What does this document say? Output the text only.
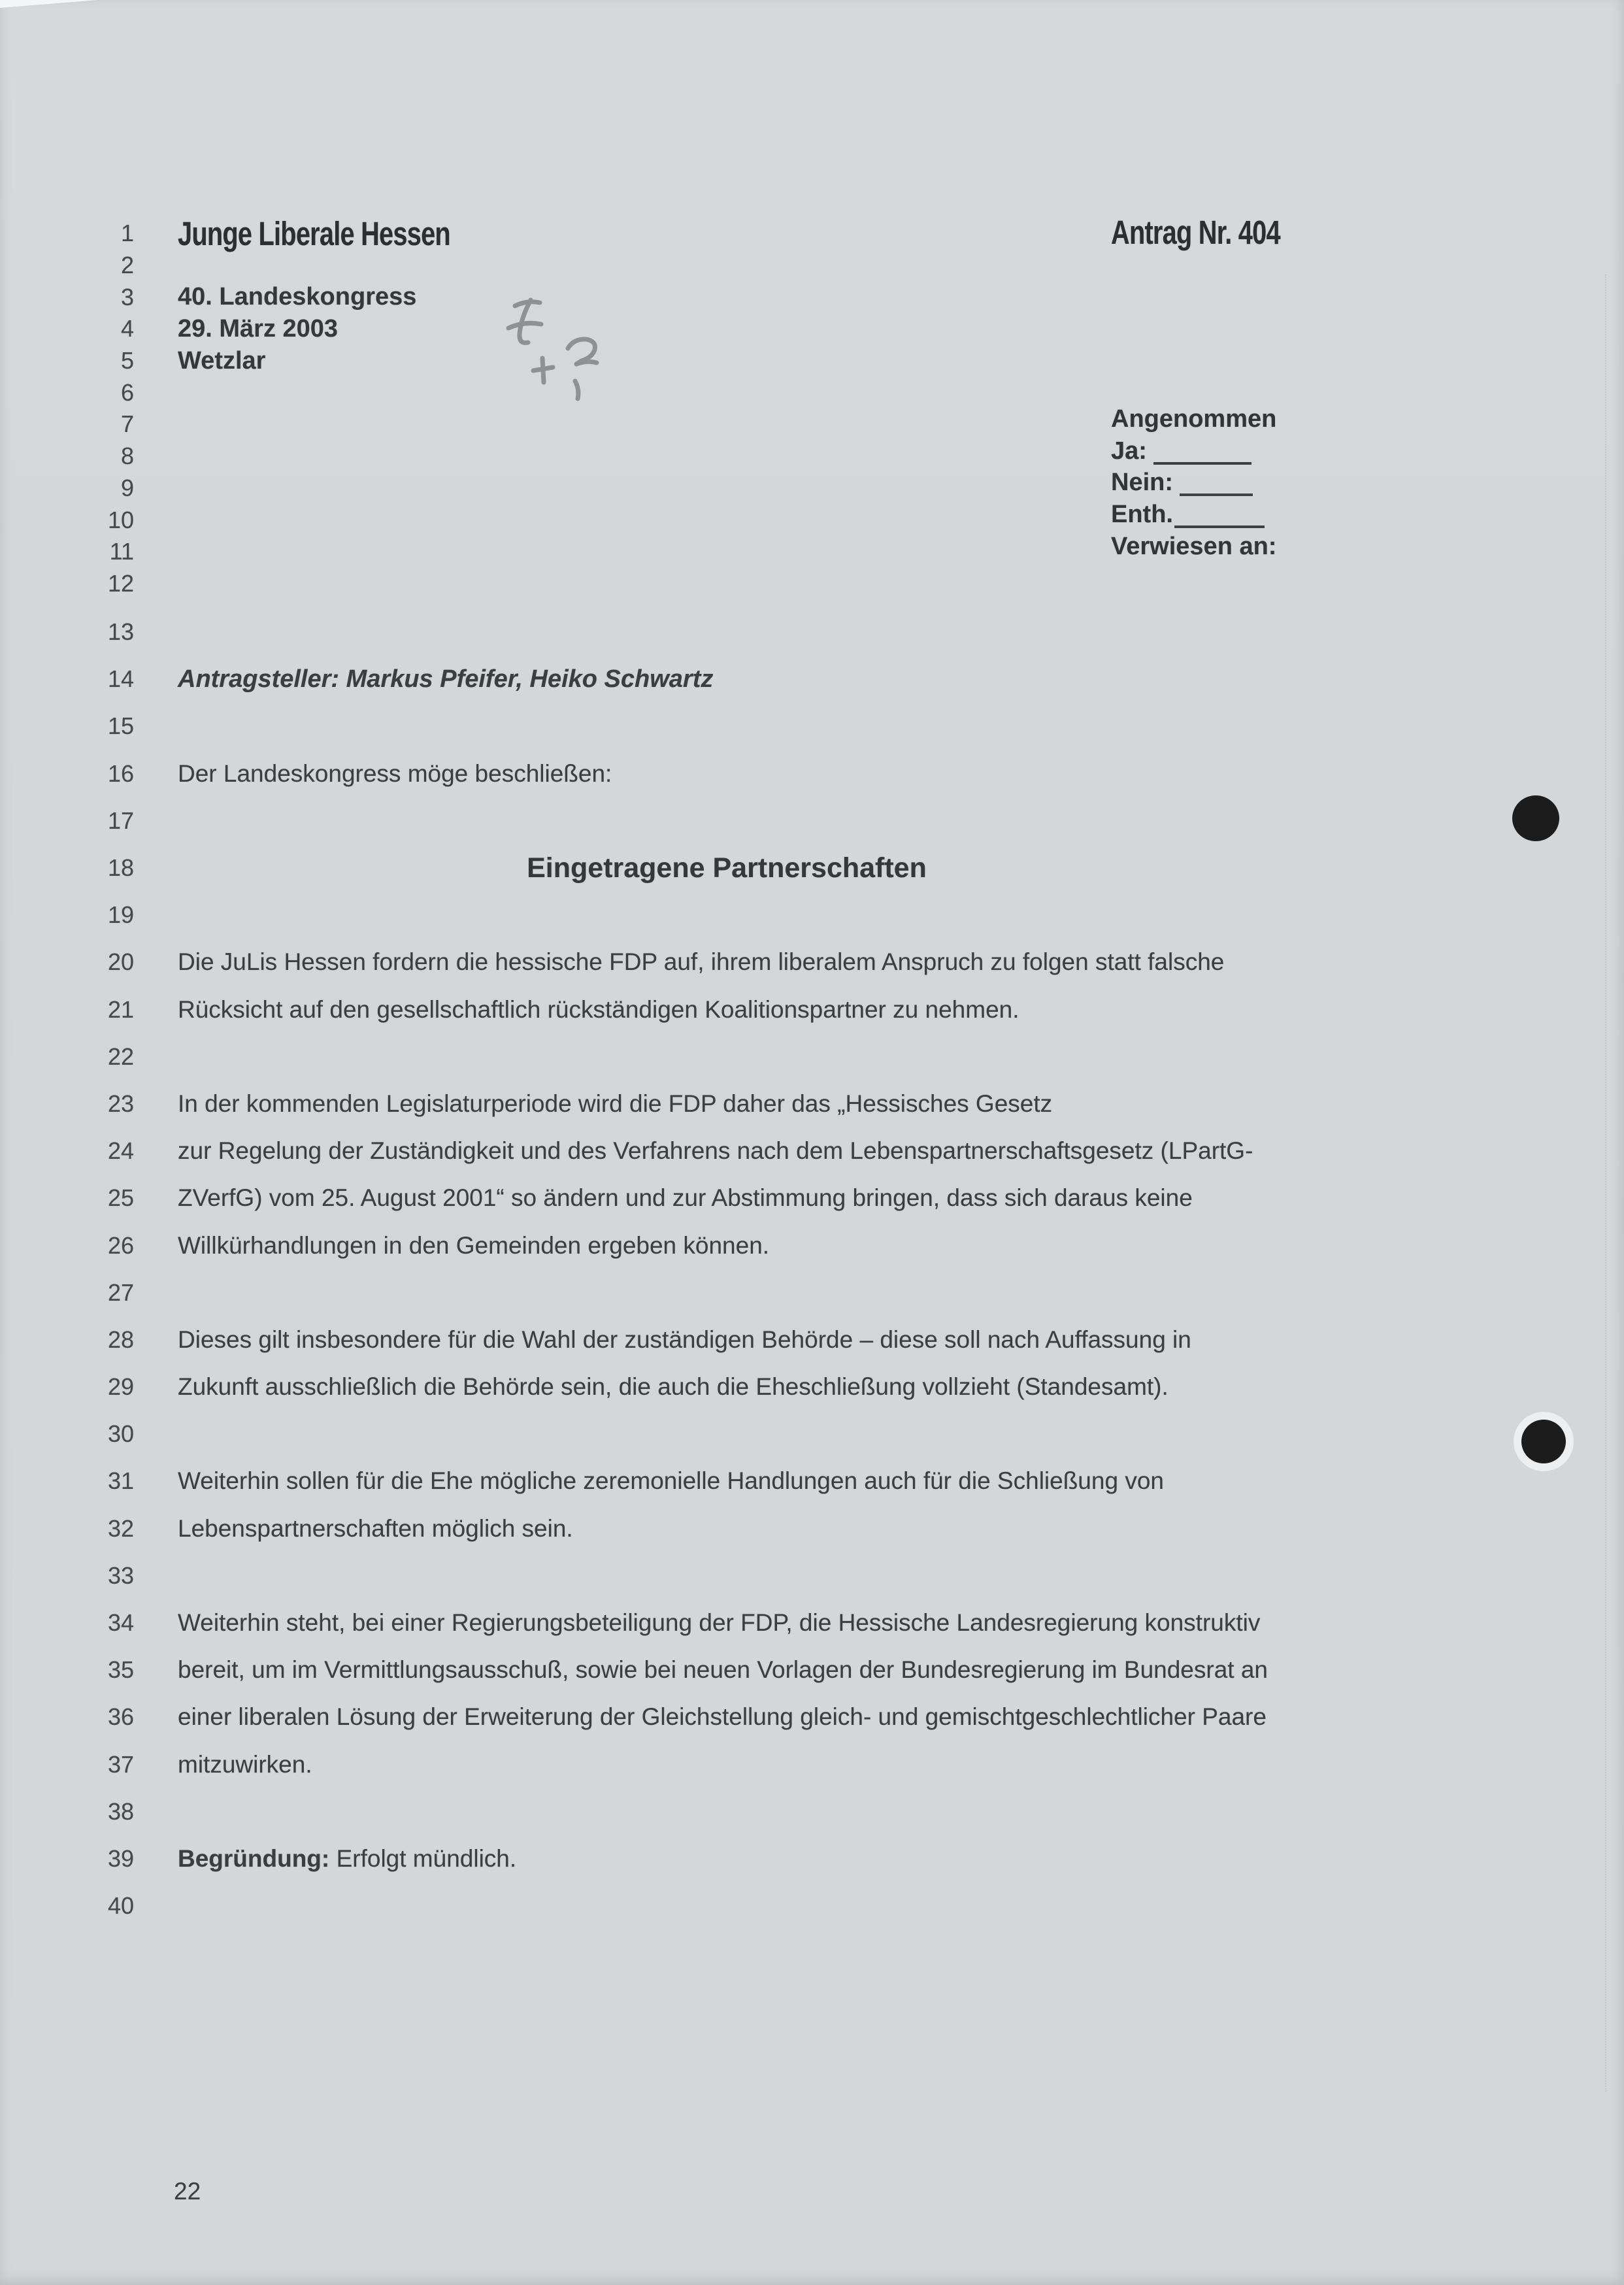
1 Junge Liberale Hessen
2
3 40. Landeskongress
4 29. März 2003
5 Wetzlar
6
7
8
9
10
11
12
13
14 Antragsteller: Markus Pfeifer, Heiko Schwartz
15
16 Der Landeskongress möge beschließen:
17
18	Eingetragene Partnerschaften
19
20 Die JuLis Hessen fordern die hessische FDP auf, ihrem liberalem Anspruch zu folgen statt falsche
21 Rücksicht auf den gesellschaftlich rückständigen Koalitionspartner zu nehmen.
22
23 In der kommenden Legislaturperiode wird die FDP daher das „Hessisches Gesetz
24 zur Regelung der Zuständigkeit und des Verfahrens nach dem Lebenspartnerschaftsgesetz (LPartG-
25 ZVerfG) vom 25. August 2001“ so ändern und zur Abstimmung bringen, dass sich daraus keine
26 Willkürhandlungen in den Gemeinden ergeben können.
27
28 Dieses gilt insbesondere für die Wahl der zuständigen Behörde – diese soll nach Auffassung in
29 Zukunft ausschließlich die Behörde sein, die auch die Eheschließung vollzieht (Standesamt).
30
31 Weiterhin sollen für die Ehe mögliche zeremonielle Handlungen auch für die Schließung von
32 Lebenspartnerschaften möglich sein.
33
34 Weiterhin steht, bei einer Regierungsbeteiligung der FDP, die Hessische Landesregierung konstruktiv
35 bereit, um im Vermittlungsausschuß, sowie bei neuen Vorlagen der Bundesregierung im Bundesrat an
36 einer liberalen Lösung der Erweiterung der Gleichstellung gleich- und gemischtgeschlechtlicher Paare
37 mitzuwirken.
38
39 Begründung: Erfolgt mündlich.
40
Antrag Nr. 404
Angenommen
Ja:
Nein:
Enth.
Verwiesen an:
22
